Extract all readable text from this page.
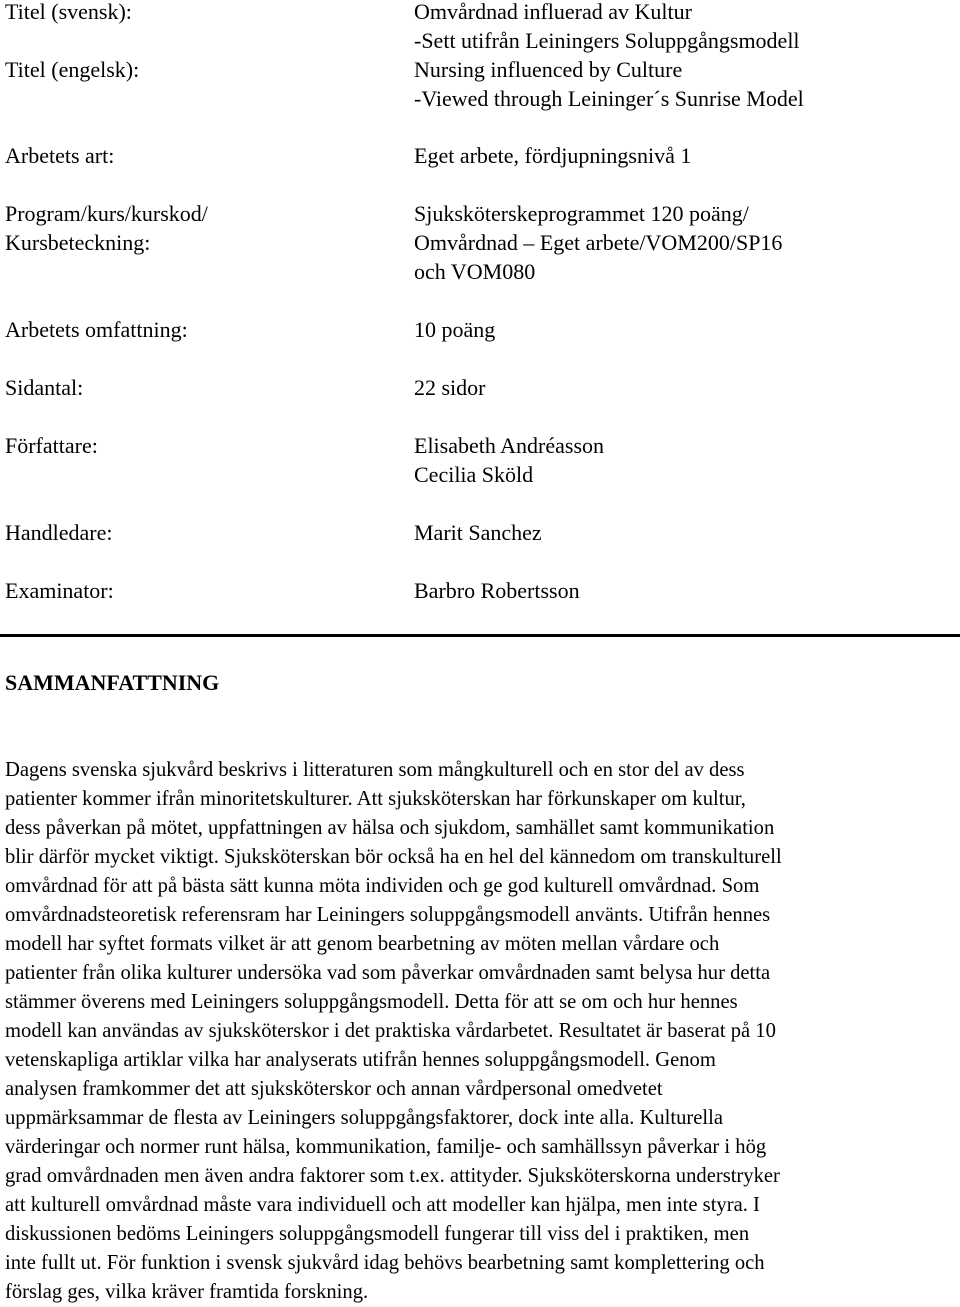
Titel (svensk):	Omvårdnad influerad av Kultur
-Sett utifrån Leiningers Soluppgångsmodell
Titel (engelsk):	Nursing influenced by Culture
-Viewed through Leininger´s Sunrise Model
Arbetets art:	Eget arbete, fördjupningsnivå 1
Program/kurs/kurskod/	Sjuksköterskeprogrammet 120 poäng/
Kursbeteckning:	Omvårdnad – Eget arbete/VOM200/SP16
och VOM080
Arbetets omfattning:	10 poäng
Sidantal:	22 sidor
Författare:	Elisabeth Andréasson
Cecilia Sköld
Handledare:	Marit Sanchez
Examinator:	Barbro Robertsson
SAMMANFATTNING
Dagens svenska sjukvård beskrivs i litteraturen som mångkulturell och en stor del av dess
patienter kommer ifrån minoritetskulturer. Att sjuksköterskan har förkunskaper om kultur,
dess påverkan på mötet, uppfattningen av hälsa och sjukdom, samhället samt kommunikation
blir därför mycket viktigt. Sjuksköterskan bör också ha en hel del kännedom om transkulturell
omvårdnad för att på bästa sätt kunna möta individen och ge god kulturell omvårdnad. Som
omvårdnadsteoretisk referensram har Leiningers soluppgångsmodell använts. Utifrån hennes
modell har syftet formats vilket är att genom bearbetning av möten mellan vårdare och
patienter från olika kulturer undersöka vad som påverkar omvårdnaden samt belysa hur detta
stämmer överens med Leiningers soluppgångsmodell. Detta för att se om och hur hennes
modell kan användas av sjuksköterskor i det praktiska vårdarbetet. Resultatet är baserat på 10
vetenskapliga artiklar vilka har analyserats utifrån hennes soluppgångsmodell. Genom
analysen framkommer det att sjuksköterskor och annan vårdpersonal omedvetet
uppmärksammar de flesta av Leiningers soluppgångsfaktorer, dock inte alla. Kulturella
värderingar och normer runt hälsa, kommunikation, familje- och samhällssyn påverkar i hög
grad omvårdnaden men även andra faktorer som t.ex. attityder. Sjuksköterskorna understryker
att kulturell omvårdnad måste vara individuell och att modeller kan hjälpa, men inte styra. I
diskussionen bedöms Leiningers soluppgångsmodell fungerar till viss del i praktiken, men
inte fullt ut. För funktion i svensk sjukvård idag behövs bearbetning samt komplettering och
förslag ges, vilka kräver framtida forskning.
